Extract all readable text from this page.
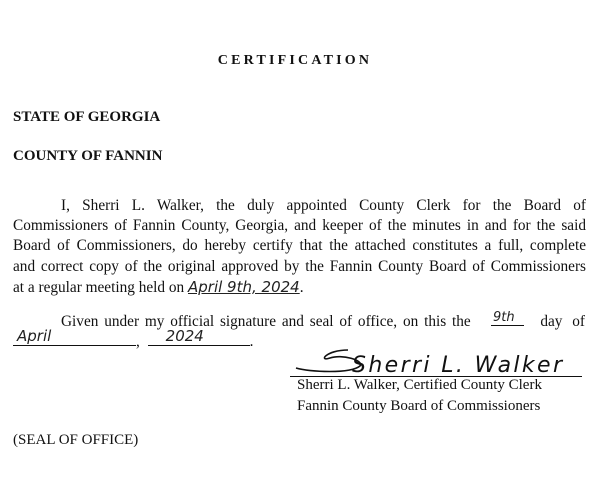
CERTIFICATION
STATE OF GEORGIA
COUNTY OF FANNIN
I, Sherri L. Walker, the duly appointed County Clerk for the Board of
Commissioners of Fannin County, Georgia, and keeper of the minutes in and for the said
Board of Commissioners, do hereby certify that the attached constitutes a full, complete
and correct copy of the original approved by the Fannin County Board of Commissioners
at a regular meeting held on April 9th, 2024.
Given under my official signature and seal of office, on this the 9th day of
April	, 2024	.
Sherri L. Walker
Sherri L. Walker, Certified County Clerk
Fannin County Board of Commissioners
(SEAL OF OFFICE)
